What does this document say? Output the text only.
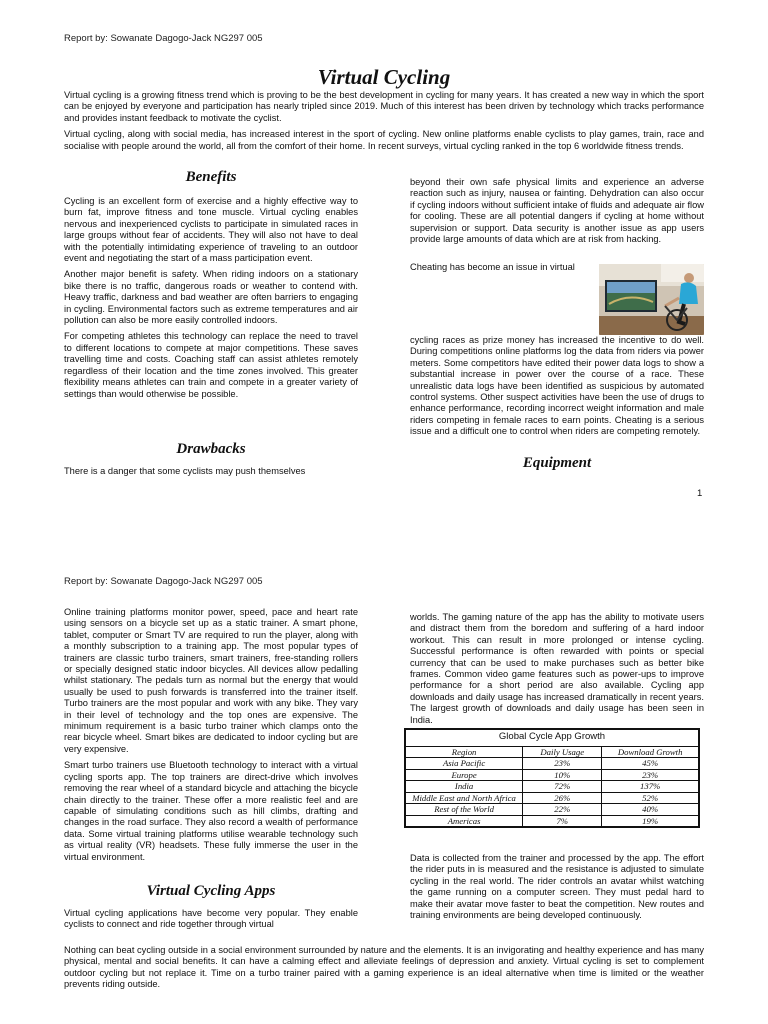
Report by: Sowanate Dagogo-Jack NG297 005
Virtual Cycling

Virtual cycling is a growing fitness trend which is proving to be the best development in cycling for many years. It has created a new way in which the sport can be enjoyed by everyone and participation has nearly tripled since 2019. Much of this interest has been driven by technology which tracks performance and provides instant feedback to motivate the cyclist.

Virtual cycling, along with social media, has increased interest in the sport of cycling. New online platforms enable cyclists to play games, train, race and socialise with people around the world, all from the comfort of their home. In recent surveys, virtual cycling ranked in the top 6 worldwide fitness trends.

Benefits

Cycling is an excellent form of exercise and a highly effective way to burn fat, improve fitness and tone muscle. Virtual cycling enables nervous and inexperienced cyclists to participate in simulated races in large groups without fear of accidents. They will also not have to deal with the potentially intimidating experience of traveling to an outdoor event and negotiating the start of a mass participation event.

Another major benefit is safety. When riding indoors on a stationary bike there is no traffic, dangerous roads or weather to contend with. Heavy traffic, darkness and bad weather are often barriers to engaging in cycling. Environmental factors such as extreme temperatures and air pollution can also be more easily controlled indoors.

For competing athletes this technology can replace the need to travel to different locations to compete at major competitions. These saves travelling time and costs. Coaching staff can assist athletes remotely regardless of their location and the time zones involved. This greater flexibility means athletes can train and compete in a greater variety of settings than would otherwise be possible.

Drawbacks

There is a danger that some cyclists may push themselves

beyond their own safe physical limits and experience an adverse reaction such as injury, nausea or fainting. Dehydration can also occur if cycling indoors without sufficient intake of fluids and adequate air flow for cooling. These are all potential dangers if cycling at home without supervision or support. Data security is another issue as app users provide large amounts of data which are at risk from hacking.

Cheating has become an issue in virtual

cycling races as prize money has increased the incentive to do well. During competitions online platforms log the data from riders via power meters. Some competitors have edited their power data logs to show a substantial increase in power over the course of a race. These unrealistic data logs have been identified as suspicious by automated control systems. Other suspect activities have been the use of drugs to enhance performance, recording incorrect weight information and male riders competing in female races to earn points. Cheating is a serious issue and a difficult one to control when riders are competing remotely.

Equipment
1
Report by: Sowanate Dagogo-Jack NG297 005

Online training platforms monitor power, speed, pace and heart rate using sensors on a bicycle set up as a static trainer. A smart phone, tablet, computer or Smart TV are required to run the player, along with a monthly subscription to a training app. The most popular types of trainers are classic turbo trainers, smart trainers, free-standing rollers or specially designed static indoor bicycles. All devices allow pedalling whilst stationary. The pedals turn as normal but the energy that would usually be used to push forwards is transferred into the trainer itself. Turbo trainers are the most popular and work with any bike. They vary in their level of technology and the top ones are expensive. The minimum requirement is a basic turbo trainer which clamps onto the rear bicycle wheel. Smart bikes are dedicated to indoor cycling but are very expensive.

Smart turbo trainers use Bluetooth technology to interact with a virtual cycling sports app. The top trainers are direct-drive which involves removing the rear wheel of a standard bicycle and attaching the bicycle chain directly to the trainer. These offer a more realistic feel and are capable of simulating conditions such as hill climbs, drafting and changes in the road surface. They also record a wealth of performance data. Some virtual training platforms utilise wearable technology such as virtual reality (VR) headsets. These fully immerse the user in the virtual environment.

Virtual Cycling Apps

Virtual cycling applications have become very popular. They enable cyclists to connect and ride together through virtual

worlds. The gaming nature of the app has the ability to motivate users and distract them from the boredom and suffering of a hard indoor workout. This can result in more prolonged or intense cycling. Successful performance is often rewarded with points or special currency that can be used to make purchases such as better bike frames. Common video game features such as power-ups to improve performance for a short period are also available. Cycling app downloads and daily usage has increased dramatically in recent years. The largest growth of downloads and daily usage has been seen in India.

Global Cycle App Growth		
Region	Daily Usage	Download Growth
Asia Pacific	23%	45%
Europe	10%	23%
India	72%	137%
Middle East and North Africa	26%	52%
Rest of the World	22%	40%
Americas	7%	19%

Data is collected from the trainer and processed by the app. The effort the rider puts in is measured and the resistance is adjusted to simulate cycling in the real world. The rider controls an avatar whilst watching the game running on a computer screen. They must pedal hard to make their avatar move faster to beat the competition. New routes and training environments are being developed continuously.

Nothing can beat cycling outside in a social environment surrounded by nature and the elements. It is an invigorating and healthy experience and has many physical, mental and social benefits. It can have a calming effect and alleviate feelings of depression and anxiety. Virtual cycling is set to complement outdoor cycling but not replace it. Time on a turbo trainer paired with a gaming experience is an ideal alternative when time is limited or the weather prevents riding outside.
